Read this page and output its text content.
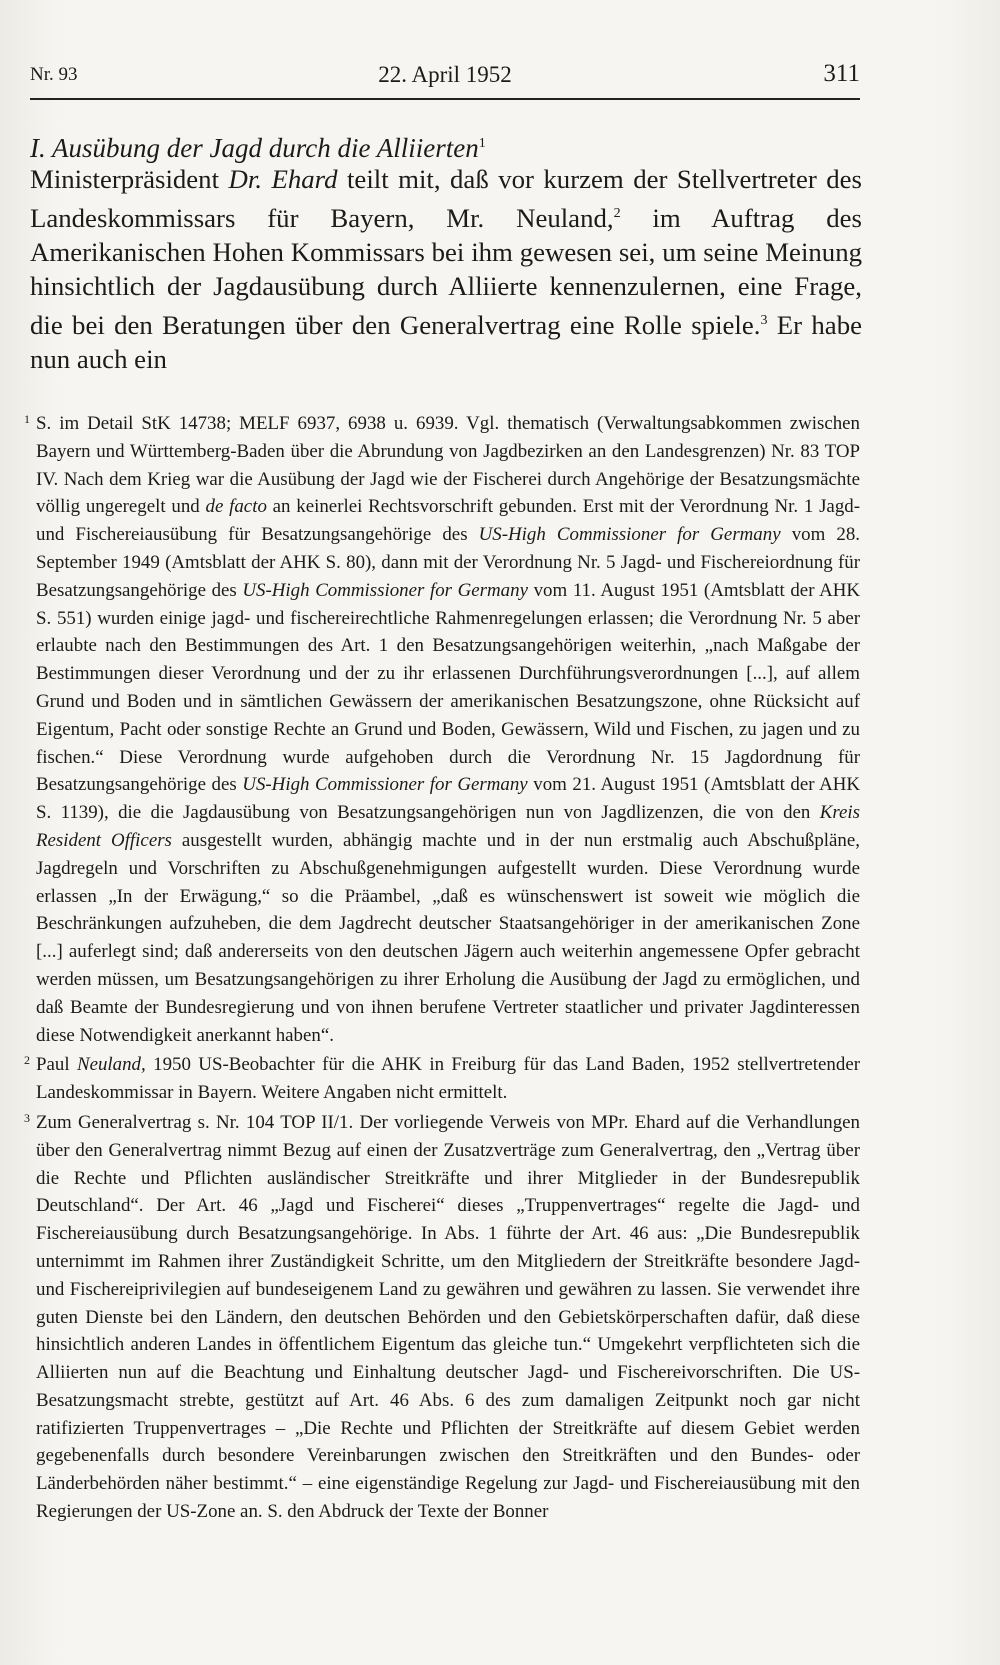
Nr. 93	22. April 1952	311
I. Ausübung der Jagd durch die Alliierten$^1$
Ministerpräsident Dr. Ehard teilt mit, daß vor kurzem der Stellvertreter des Landeskommissars für Bayern, Mr. Neuland,$^2$ im Auftrag des Amerikanischen Hohen Kommissars bei ihm gewesen sei, um seine Meinung hinsichtlich der Jagdausübung durch Alliierte kennenzulernen, eine Frage, die bei den Beratungen über den Generalvertrag eine Rolle spiele.$^3$ Er habe nun auch ein

1 S. im Detail StK 14738; MELF 6937, 6938 u. 6939. Vgl. thematisch (Verwaltungsabkommen zwischen Bayern und Württemberg-Baden über die Abrundung von Jagdbezirken an den Landesgrenzen) Nr. 83 TOP IV. Nach dem Krieg war die Ausübung der Jagd wie der Fischerei durch Angehörige der Besatzungsmächte völlig ungeregelt und de facto an keinerlei Rechtsvorschrift gebunden. Erst mit der Verordnung Nr. 1 Jagd- und Fischereiausübung für Besatzungsangehörige des US-High Commissioner for Germany vom 28. September 1949 (Amtsblatt der AHK S. 80), dann mit der Verordnung Nr. 5 Jagd- und Fischereiordnung für Besatzungsangehörige des US-High Commissioner for Germany vom 11. August 1951 (Amtsblatt der AHK S. 551) wurden einige jagd- und fischereirechtliche Rahmenregelungen erlassen; die Verordnung Nr. 5 aber erlaubte nach den Bestimmungen des Art. 1 den Besatzungsangehörigen weiterhin, „nach Maßgabe der Bestimmungen dieser Verordnung und der zu ihr erlassenen Durchführungsverordnungen [...], auf allem Grund und Boden und in sämtlichen Gewässern der amerikanischen Besatzungszone, ohne Rücksicht auf Eigentum, Pacht oder sonstige Rechte an Grund und Boden, Gewässern, Wild und Fischen, zu jagen und zu fischen.“ Diese Verordnung wurde aufgehoben durch die Verordnung Nr. 15 Jagdordnung für Besatzungsangehörige des US-High Commissioner for Germany vom 21. August 1951 (Amtsblatt der AHK S. 1139), die die Jagdausübung von Besatzungsangehörigen nun von Jagdlizenzen, die von den Kreis Resident Officers ausgestellt wurden, abhängig machte und in der nun erstmalig auch Abschußpläne, Jagdregeln und Vorschriften zu Abschußgenehmigungen aufgestellt wurden. Diese Verordnung wurde erlassen „In der Erwägung,“ so die Präambel, „daß es wünschenswert ist soweit wie möglich die Beschränkungen aufzuheben, die dem Jagdrecht deutscher Staatsangehöriger in der amerikanischen Zone [...] auferlegt sind; daß andererseits von den deutschen Jägern auch weiterhin angemessene Opfer gebracht werden müssen, um Besatzungsangehörigen zu ihrer Erholung die Ausübung der Jagd zu ermöglichen, und daß Beamte der Bundesregierung und von ihnen berufene Vertreter staatlicher und privater Jagdinteressen diese Notwendigkeit anerkannt haben“.

2 Paul Neuland, 1950 US-Beobachter für die AHK in Freiburg für das Land Baden, 1952 stellvertretender Landeskommissar in Bayern. Weitere Angaben nicht ermittelt.

3 Zum Generalvertrag s. Nr. 104 TOP II/1. Der vorliegende Verweis von MPr. Ehard auf die Verhandlungen über den Generalvertrag nimmt Bezug auf einen der Zusatzverträge zum Generalvertrag, den „Vertrag über die Rechte und Pflichten ausländischer Streitkräfte und ihrer Mitglieder in der Bundesrepublik Deutschland“. Der Art. 46 „Jagd und Fischerei“ dieses „Truppenvertrages“ regelte die Jagd- und Fischereiausübung durch Besatzungsangehörige. In Abs. 1 führte der Art. 46 aus: „Die Bundesrepublik unternimmt im Rahmen ihrer Zuständigkeit Schritte, um den Mitgliedern der Streitkräfte besondere Jagd- und Fischereiprivilegien auf bundeseigenem Land zu gewähren und gewähren zu lassen. Sie verwendet ihre guten Dienste bei den Ländern, den deutschen Behörden und den Gebietskörperschaften dafür, daß diese hinsichtlich anderen Landes in öffentlichem Eigentum das gleiche tun.“ Umgekehrt verpflichteten sich die Alliierten nun auf die Beachtung und Einhaltung deutscher Jagd- und Fischereivorschriften. Die US-Besatzungsmacht strebte, gestützt auf Art. 46 Abs. 6 des zum damaligen Zeitpunkt noch gar nicht ratifizierten Truppenvertrages – „Die Rechte und Pflichten der Streitkräfte auf diesem Gebiet werden gegebenenfalls durch besondere Vereinbarungen zwischen den Streitkräften und den Bundes- oder Länderbehörden näher bestimmt.“ – eine eigenständige Regelung zur Jagd- und Fischereiausübung mit den Regierungen der US-Zone an. S. den Abdruck der Texte der Bonner
